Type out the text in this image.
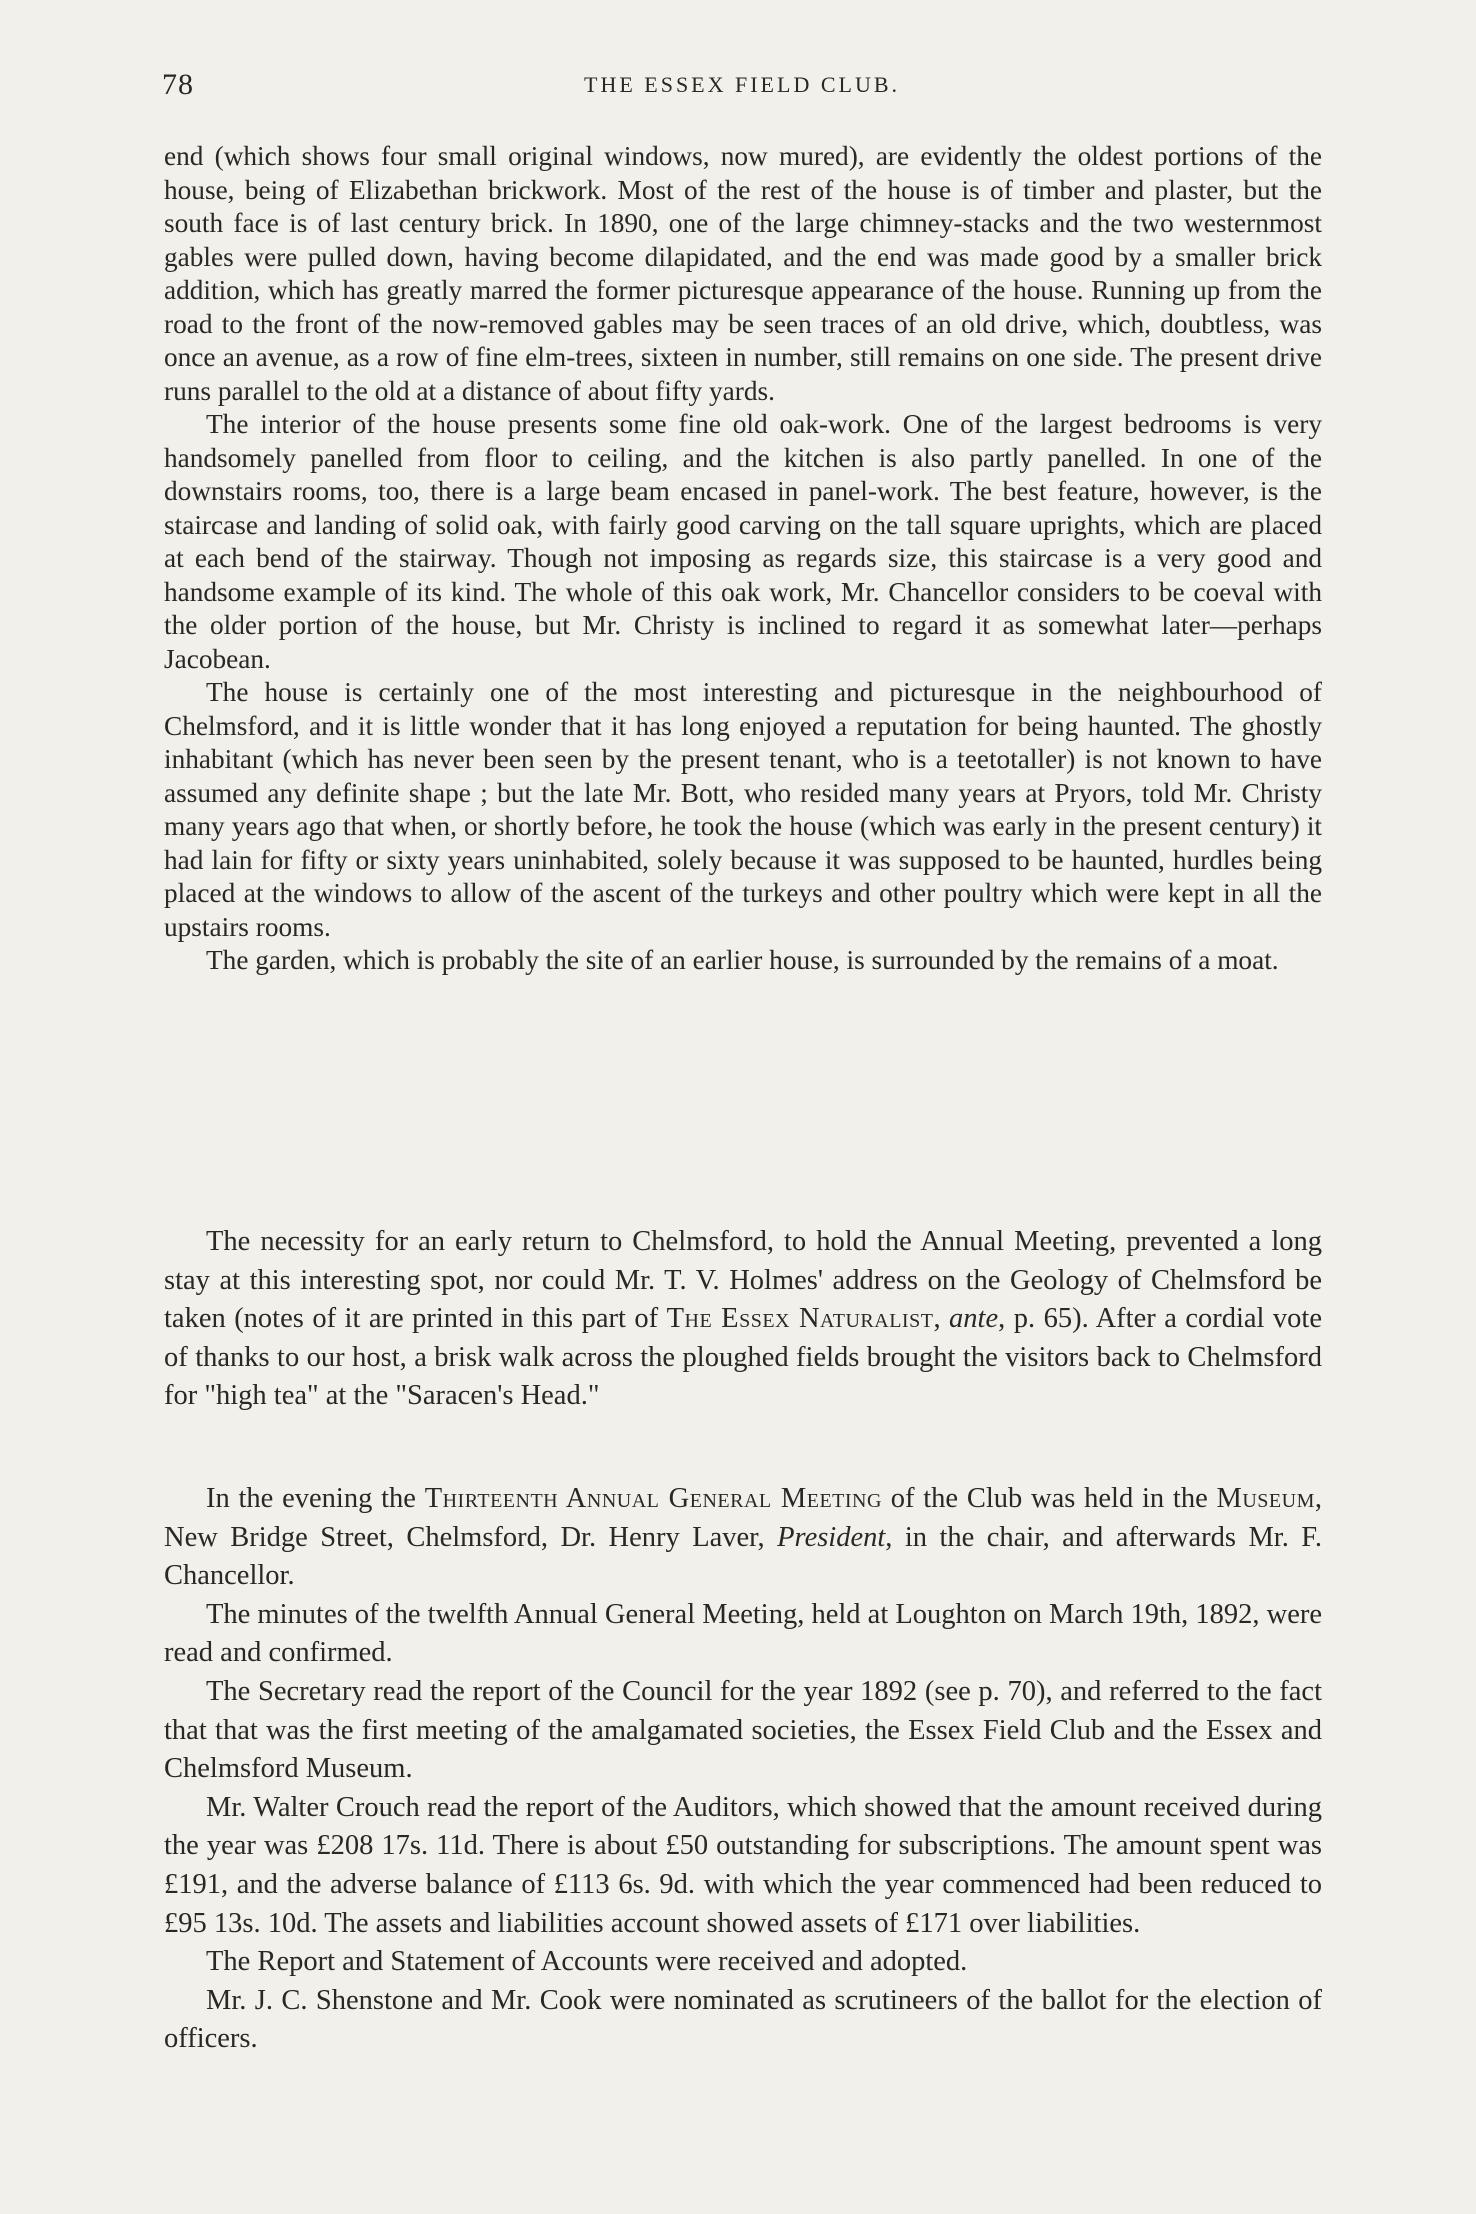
78	THE ESSEX FIELD CLUB.

end (which shows four small original windows, now mured), are evidently the oldest portions of the house, being of Elizabethan brickwork. Most of the rest of the house is of timber and plaster, but the south face is of last century brick. In 1890, one of the large chimney-stacks and the two westernmost gables were pulled down, having become dilapidated, and the end was made good by a smaller brick addition, which has greatly marred the former picturesque appearance of the house. Running up from the road to the front of the now-removed gables may be seen traces of an old drive, which, doubtless, was once an avenue, as a row of fine elm-trees, sixteen in number, still remains on one side. The present drive runs parallel to the old at a distance of about fifty yards.

The interior of the house presents some fine old oak-work. One of the largest bedrooms is very handsomely panelled from floor to ceiling, and the kitchen is also partly panelled. In one of the downstairs rooms, too, there is a large beam encased in panel-work. The best feature, however, is the staircase and landing of solid oak, with fairly good carving on the tall square uprights, which are placed at each bend of the stairway. Though not imposing as regards size, this staircase is a very good and handsome example of its kind. The whole of this oak work, Mr. Chancellor considers to be coeval with the older portion of the house, but Mr. Christy is inclined to regard it as somewhat later—perhaps Jacobean.

The house is certainly one of the most interesting and picturesque in the neighbourhood of Chelmsford, and it is little wonder that it has long enjoyed a reputation for being haunted. The ghostly inhabitant (which has never been seen by the present tenant, who is a teetotaller) is not known to have assumed any definite shape ; but the late Mr. Bott, who resided many years at Pryors, told Mr. Christy many years ago that when, or shortly before, he took the house (which was early in the present century) it had lain for fifty or sixty years uninhabited, solely because it was supposed to be haunted, hurdles being placed at the windows to allow of the ascent of the turkeys and other poultry which were kept in all the upstairs rooms.

The garden, which is probably the site of an earlier house, is surrounded by the remains of a moat.

The necessity for an early return to Chelmsford, to hold the Annual Meeting, prevented a long stay at this interesting spot, nor could Mr. T. V. Holmes' address on the Geology of Chelmsford be taken (notes of it are printed in this part of The Essex Naturalist, ante, p. 65). After a cordial vote of thanks to our host, a brisk walk across the ploughed fields brought the visitors back to Chelmsford for "high tea" at the "Saracen's Head."

In the evening the Thirteenth Annual General Meeting of the Club was held in the Museum, New Bridge Street, Chelmsford, Dr. Henry Laver, President, in the chair, and afterwards Mr. F. Chancellor.

The minutes of the twelfth Annual General Meeting, held at Loughton on March 19th, 1892, were read and confirmed.

The Secretary read the report of the Council for the year 1892 (see p. 70), and referred to the fact that that was the first meeting of the amalgamated societies, the Essex Field Club and the Essex and Chelmsford Museum.

Mr. Walter Crouch read the report of the Auditors, which showed that the amount received during the year was £208 17s. 11d. There is about £50 outstanding for subscriptions. The amount spent was £191, and the adverse balance of £113 6s. 9d. with which the year commenced had been reduced to £95 13s. 10d. The assets and liabilities account showed assets of £171 over liabilities.

The Report and Statement of Accounts were received and adopted.

Mr. J. C. Shenstone and Mr. Cook were nominated as scrutineers of the ballot for the election of officers.
